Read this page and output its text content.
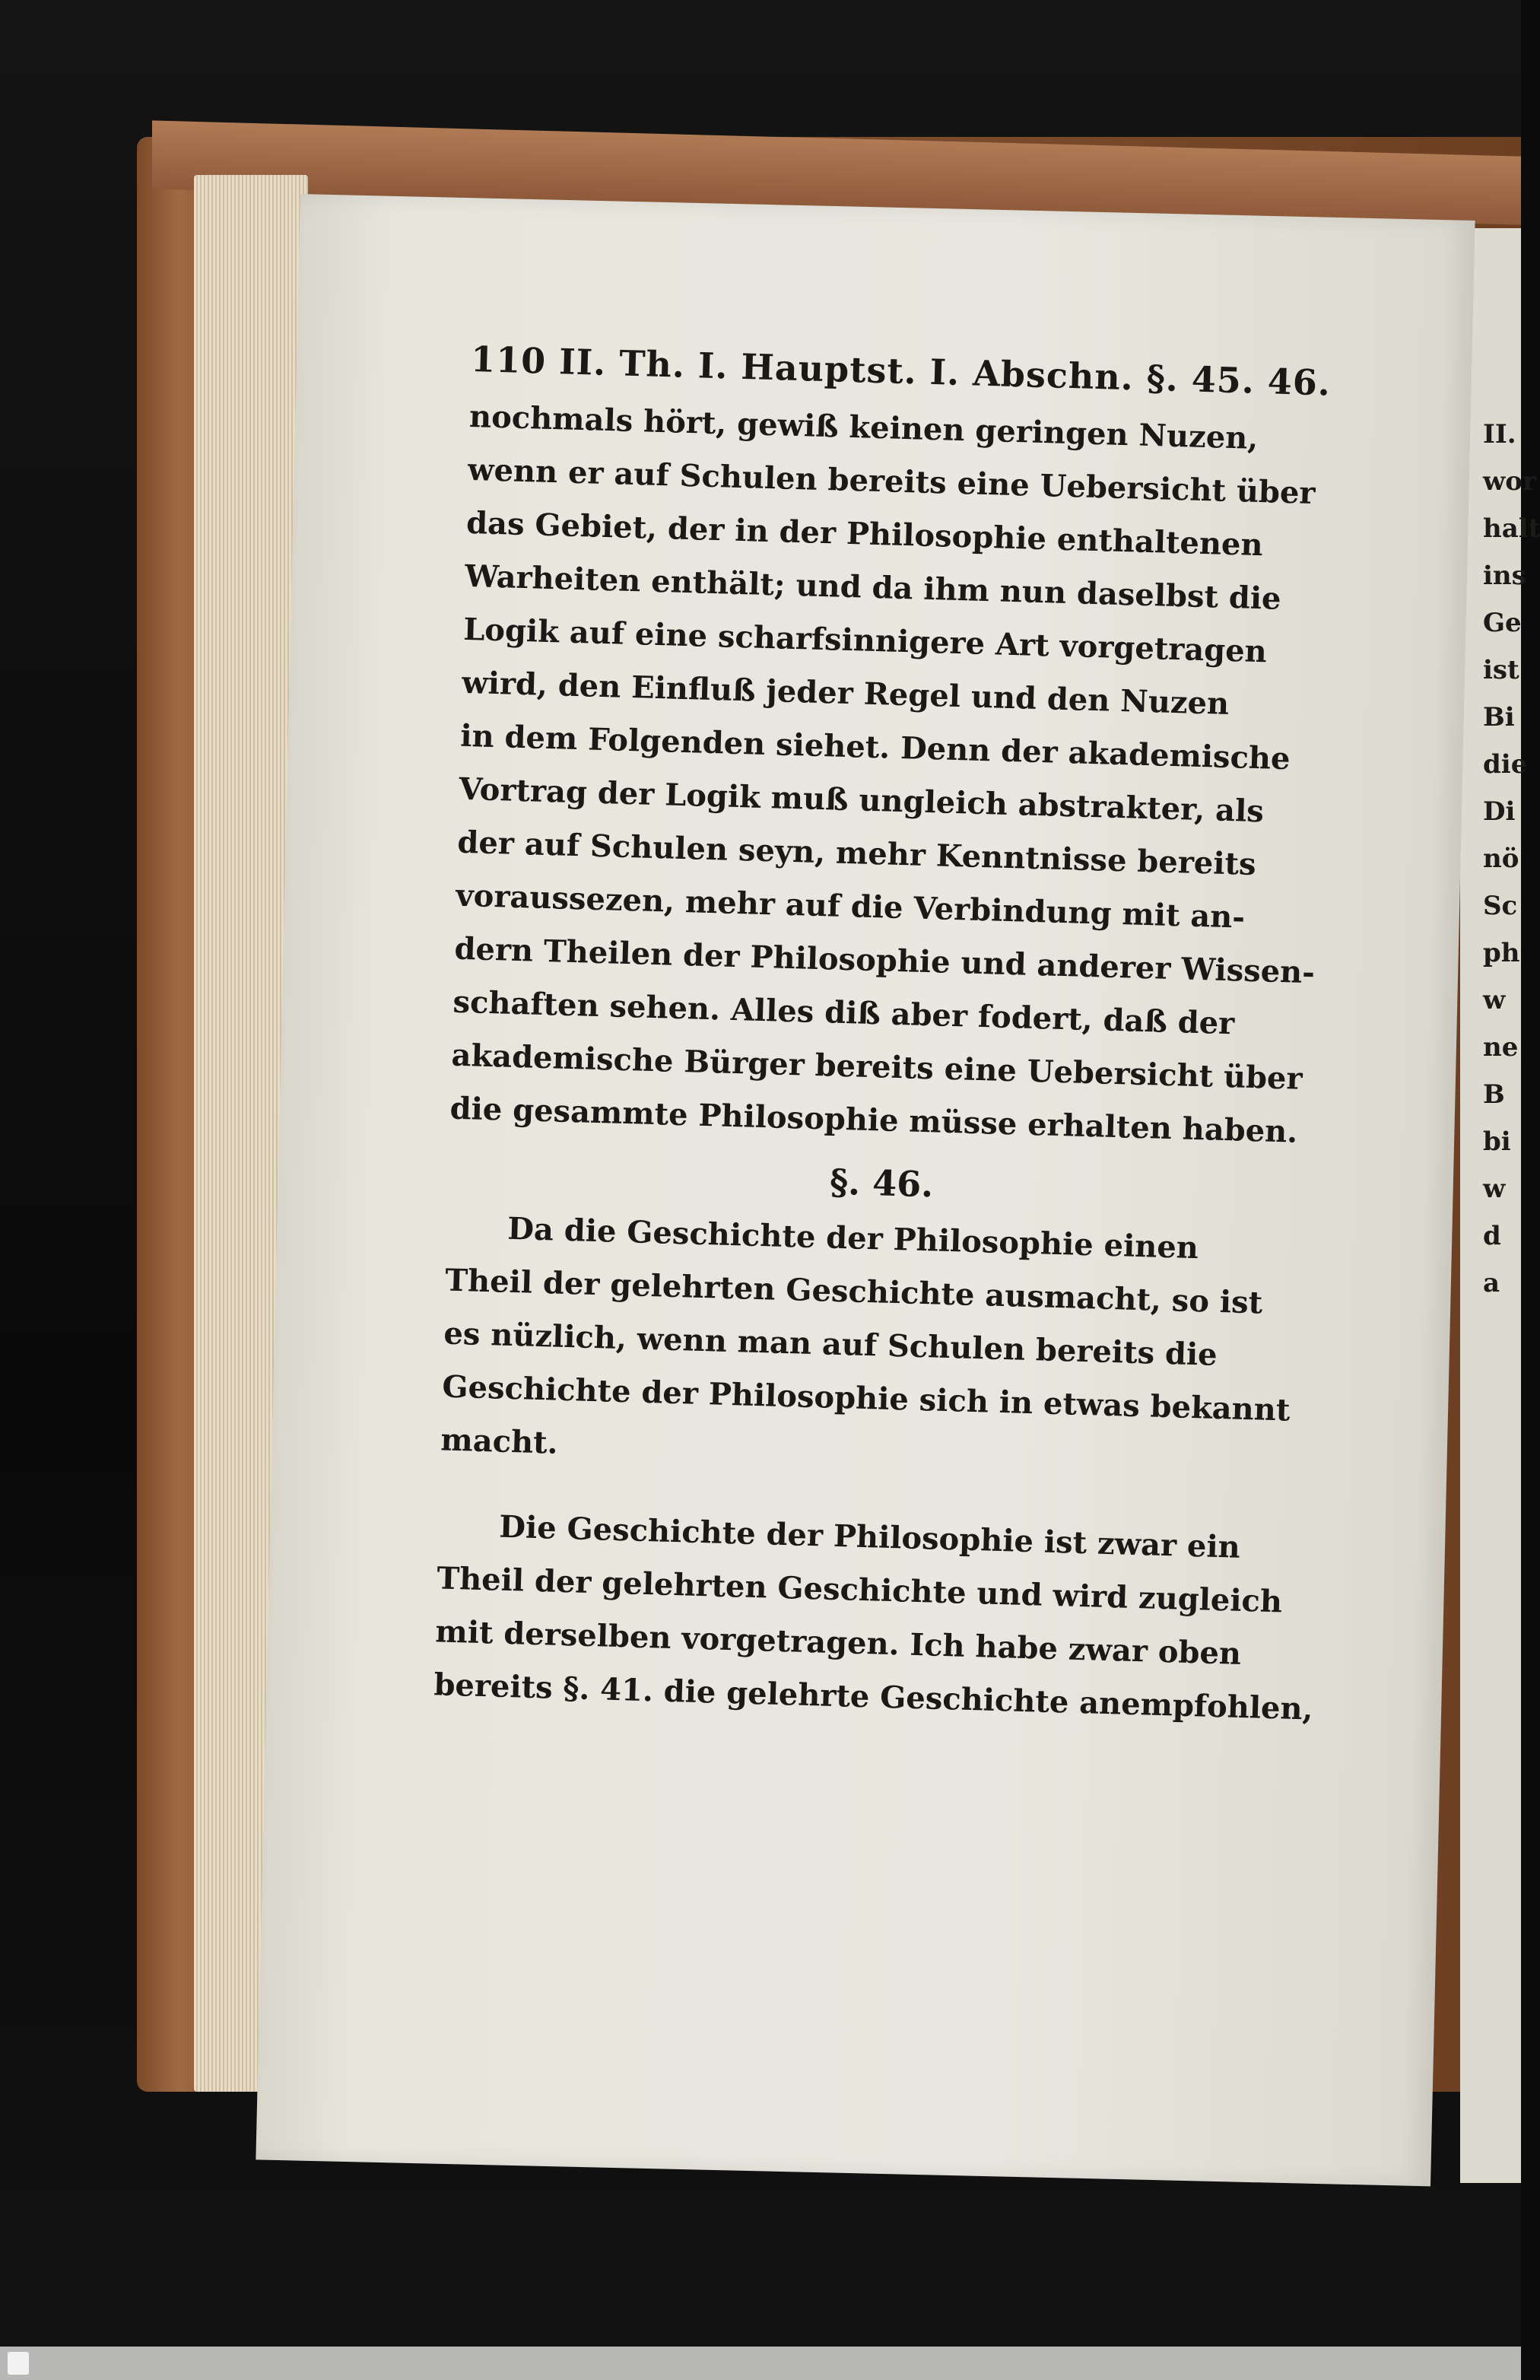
II.
wor
halt
ins
Ge
ist
Bi
die
Di
nö
Sc
ph
w
ne
B
bi
w
d
a
110 II. Th. I. Hauptst. I. Abschn. §. 45. 46.
nochmals hört, gewiß keinen geringen Nuzen,
wenn er auf Schulen bereits eine Uebersicht über
das Gebiet, der in der Philosophie enthaltenen
Warheiten enthält; und da ihm nun daselbst die
Logik auf eine scharfsinnigere Art vorgetragen
wird, den Einfluß jeder Regel und den Nuzen
in dem Folgenden siehet. Denn der akademische
Vortrag der Logik muß ungleich abstrakter, als
der auf Schulen seyn, mehr Kenntnisse bereits
voraussezen, mehr auf die Verbindung mit an-
dern Theilen der Philosophie und anderer Wissen-
schaften sehen. Alles diß aber fodert, daß der
akademische Bürger bereits eine Uebersicht über
die gesammte Philosophie müsse erhalten haben.
§. 46.
Da die Geschichte der Philosophie einen
Theil der gelehrten Geschichte ausmacht, so ist
es nüzlich, wenn man auf Schulen bereits die
Geschichte der Philosophie sich in etwas bekannt
macht.
Die Geschichte der Philosophie ist zwar ein
Theil der gelehrten Geschichte und wird zugleich
mit derselben vorgetragen. Ich habe zwar oben
bereits §. 41. die gelehrte Geschichte anempfohlen,
